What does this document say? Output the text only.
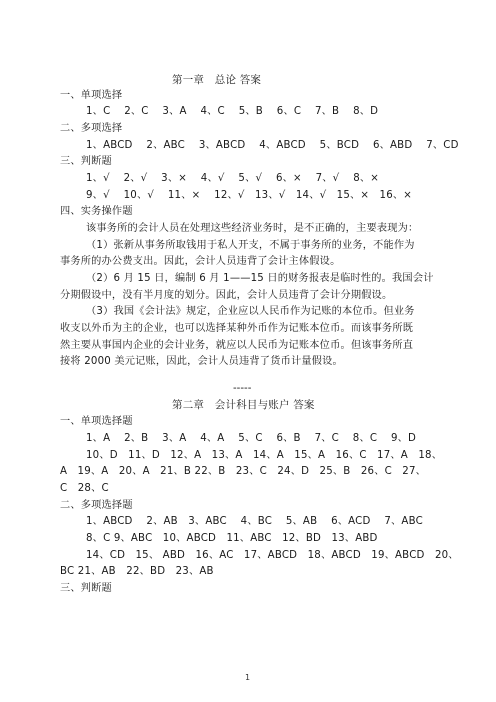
第一章　总论 答案
一、单项选择
1、C　 2、C　 3、A　 4、C　 5、B　 6、C　 7、B　 8、D
二、多项选择
1、ABCD　 2、ABC　 3、ABCD　 4、ABCD　 5、BCD　 6、ABD　 7、CD
三、判断题
1、√　 2、√　 3、×　 4、√　 5、√　 6、×　 7、√　 8、×
9、√　 10、√　 11、×　 12、√　13、√　14、√　15、×　16、×
四、实务操作题
该事务所的会计人员在处理这些经济业务时，是不正确的，主要表现为：
（1）张新从事务所取钱用于私人开支，不属于事务所的业务，不能作为
事务所的办公费支出。因此，会计人员违背了会计主体假设。
（2）6 月 15 日，编制 6 月 1——15 日的财务报表是临时性的。我国会计
分期假设中，没有半月度的划分。因此，会计人员违背了会计分期假设。
（3）我国《会计法》规定，企业应以人民币作为记账的本位币。但业务
收支以外币为主的企业，也可以选择某种外币作为记账本位币。而该事务所既
然主要从事国内企业的会计业务，就应以人民币为记账本位币。但该事务所直
接将 2000 美元记账，因此，会计人员违背了货币计量假设。
-----
第二章　会计科目与账户 答案
一、单项选择题
1、A　 2、B　 3、A　 4、A　 5、C　 6、B　 7、C　 8、C　 9、D
10、D　11、D　12、A　13、A　14、A　15、A　16、C　17、A　18、
A　19、A　20、A　21、B 22、B　23、C　24、D　25、B　26、C　27、
C　28、C
二、多项选择题
1、ABCD　 2、AB　3、ABC　 4、BC　 5、AB　 6、ACD　 7、ABC
8、C 9、ABC　10、ABCD　11、ABC　12、BD　13、ABD
14、CD　15、 ABD　16、AC　17、ABCD　18、ABCD　19、ABCD　20、
BC 21、AB　22、BD　23、AB
三、判断题
1
